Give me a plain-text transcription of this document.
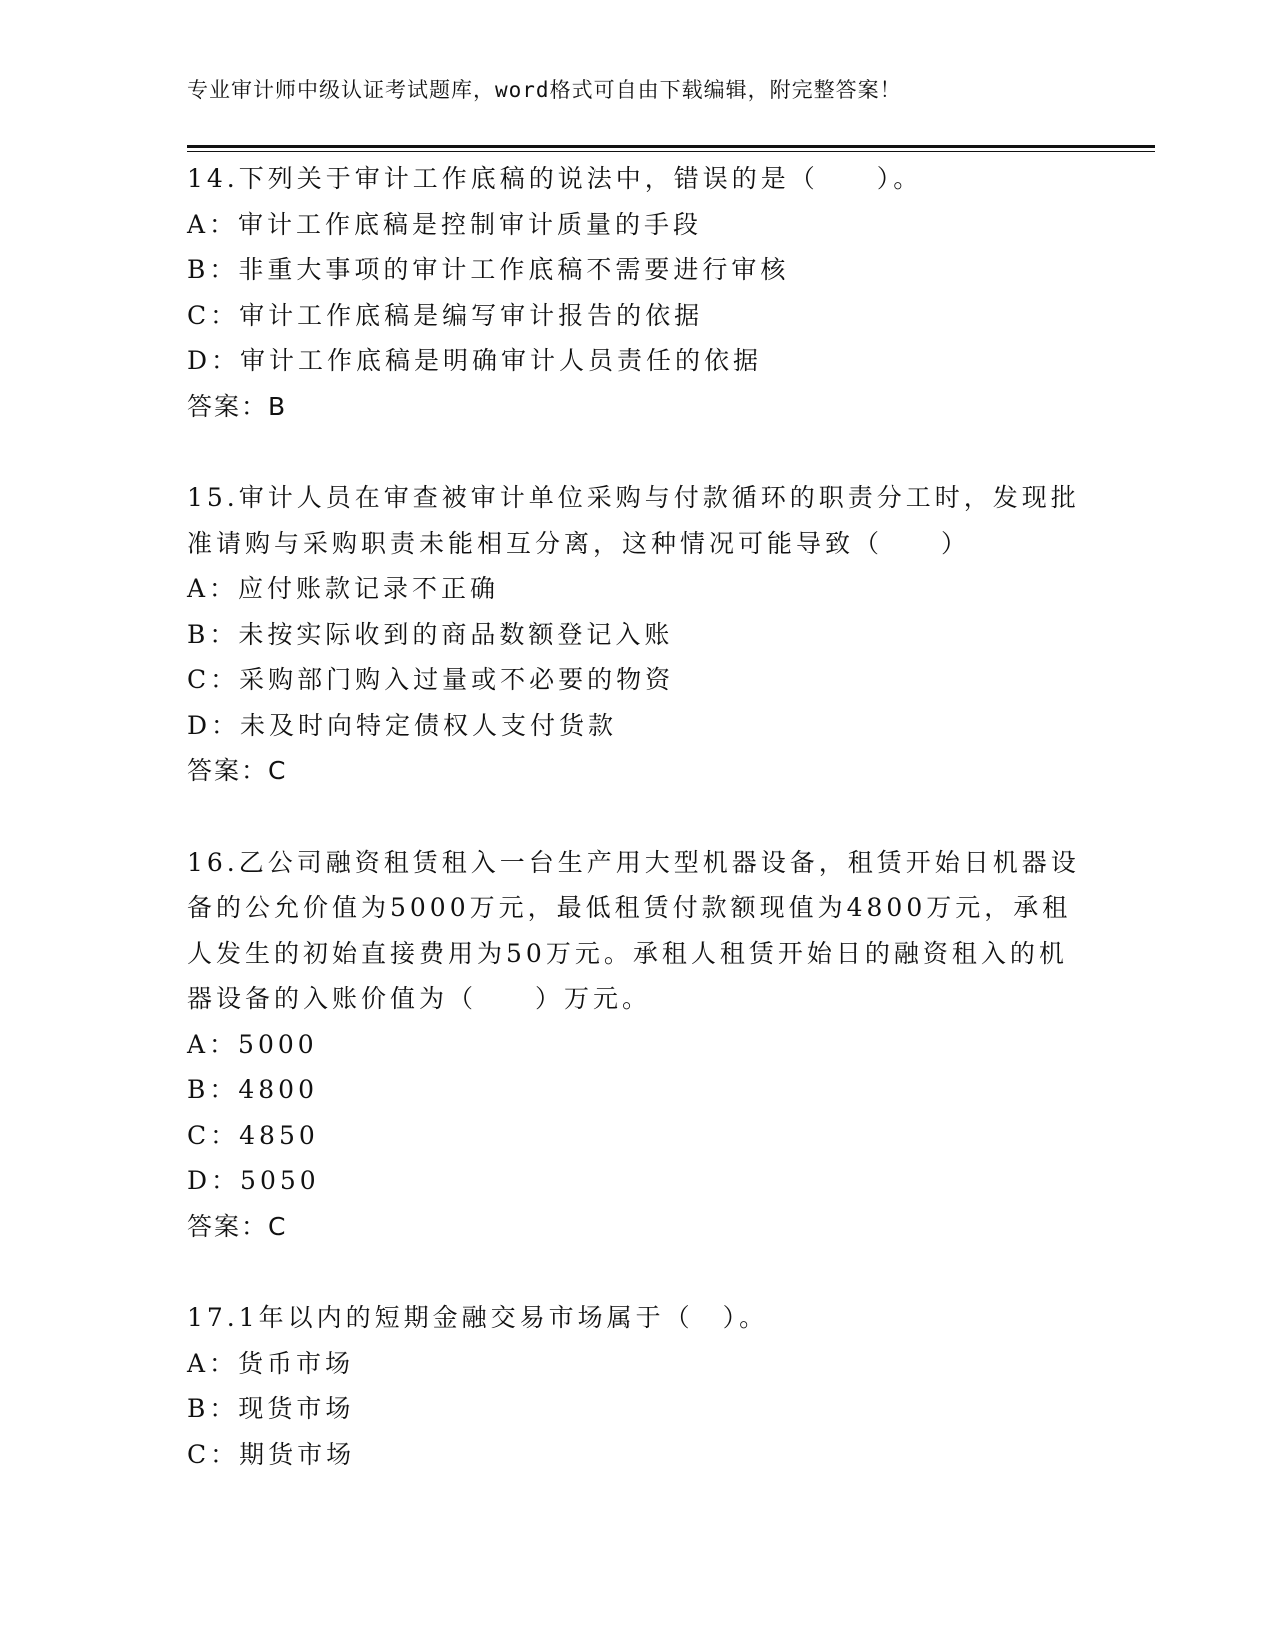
专业审计师中级认证考试题库，word格式可自由下载编辑，附完整答案！

14.下列关于审计工作底稿的说法中，错误的是（　　）。

A：审计工作底稿是控制审计质量的手段

B：非重大事项的审计工作底稿不需要进行审核

C：审计工作底稿是编写审计报告的依据

D：审计工作底稿是明确审计人员责任的依据

答案：B

15.审计人员在审查被审计单位采购与付款循环的职责分工时，发现批准请购与采购职责未能相互分离，这种情况可能导致（　　）

A：应付账款记录不正确

B：未按实际收到的商品数额登记入账

C：采购部门购入过量或不必要的物资

D：未及时向特定债权人支付货款

答案：C

16.乙公司融资租赁租入一台生产用大型机器设备，租赁开始日机器设备的公允价值为5000万元，最低租赁付款额现值为4800万元，承租人发生的初始直接费用为50万元。承租人租赁开始日的融资租入的机器设备的入账价值为（　　）万元。

A：5000

B：4800

C：4850

D：5050

答案：C

17.1年以内的短期金融交易市场属于（　）。

A：货币市场

B：现货市场

C：期货市场
